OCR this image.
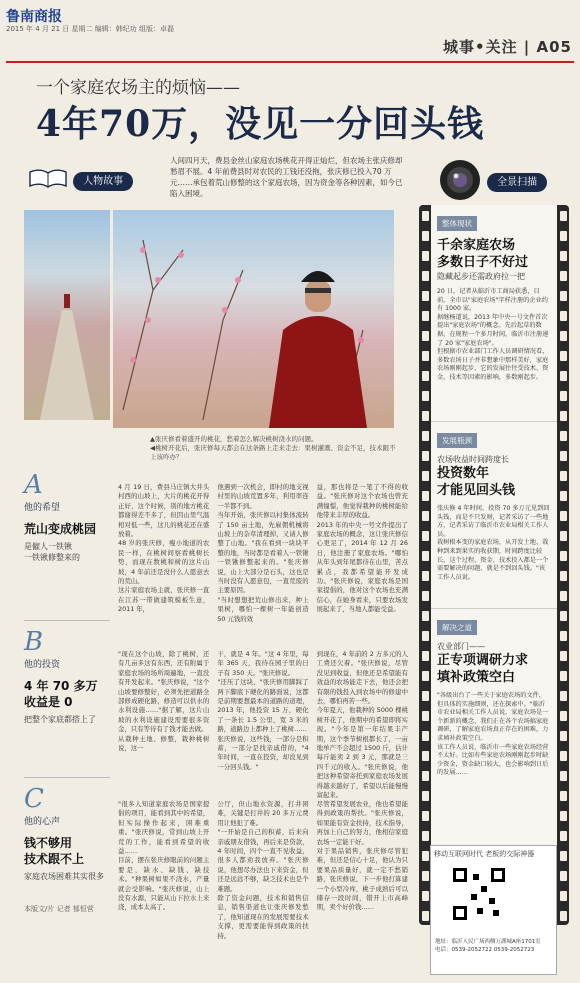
鲁南商报
2015 年 4 月 21 日 星期二 编辑：韩纪功 组版：卓磊
城事•关注 | A05
一个家庭农场主的烦恼——
4年70万，没见一分回头钱
人物故事
人间四月天，费县金丝山家庭农场桃花开得正灿烂，但农场主张庆修却愁眉不展。4 年前费县时对农民的工钱还没拖，张庆修已投入70 万元……承包着荒山修整的这个家庭农场，因为资金等各种因素，如今已陷入困境。
全景扫描
▲张庆修看着盛开的桃花，愁着怎么解决桃树浇水的问题。
◀桃树开花后，张庆修每天都会在这条路上走来走去：果树灌溉、资金不足，技术跟不上该咋办？
A
他的希望
荒山变成桃园
是僱人一铁锹
一铁锹修整来的
B
他的投资
4 年 70 多万
收益是 0
把整个家底都搭上了
C
他的心声
钱不够用
技术跟不上
家庭农场困难其实很多
本版文/片 记者 郁恒营
4 月 19 日，费县马庄镇大井头村西的山坡上，大片的桃花开得正好，这个时候，别的地方桃花都谢得差不多了，但因山里气温相对低一些，这儿的桃花还在盛放着。
48 岁的张庆修，瘦小地道的农民一样，在桃树间察看桃树长势，而现在数桃和树的这片山坡，4 年前还是没什么人愿意去的荒山。
这片家庭农场主就，张庆修一直在江苏一带做建筑模板生意，2011 年，
他遇到一次机会，即村的地支视村里的山坡荒置多年，利用率连一半都不到。
当年开始，张庆修以村集体流转了 150 亩土地，先雇佣机械将山坡上的杂草清理掉，又请人修整了山地。"我在看到一块块平整的地，当时都是看着人一铁锹一铁锹修整起来的。"张庆修说，山上大部分是石头，这也是当时没有人愿意包，一直荒废的主要原因。
"当时想想把荒山修出来，种上果树，哪怕一棵树一年能创造 50 元钱的效
益，那也将是一笔了不得的收益。"张庆修对这个农场也曾充满憧憬，他觉得栽种的桃树能给他带来丰厚的收益。
2013 年的中央一号文件提出了家庭农场的概念，这让张庆修信心更足了，2014 年 12 月 26 日，他注册了家庭农场。"哪怕从年头到年尾都待在山里，苦点累点，我都希望能开发成功。"张庆修说，家庭农场是国家提倡的，他对这个农场也充满信心，在她身看来，只要农场发展起来了，当地人都能受益。
"现在这个山坡，除了桃树，还有几亩多这有东西，还有附属于家庭农场的场所周遍地，一直没有开发起来。"张庆修说，"这个山坡要修整好，必须先把道路全部修成硬化路，修造可以供水的水利设施……"据了解，这片山坡的水利设施建设需要很多资金，只有等待有了钱才能去做。
从栽种土地、修整，栽种桃树说，这一
干，就是 4 年。"这 4 年里，每年 365 天，我待在园子里的日子有 350 天。"张庆修说。
"还压了这块，"张庆修用脚踩了两下脚底下硬化的路面说，这都是前期要想最本的道路的道理，2013 年，他投资 15 万，硬化了一条长 1.5 公里，宽 3 米的路，道路边上都种上了桃树……
张庆修说，这些钱，一部分是积蓄，一部分是找亲戚借的，"4 年时间，一直在投资，却没见到一分回头钱。"
到现在，4 年前的 2 万多元的人工费还欠着。"张庆修说，尽管没见到收益，但他还是希望能有效益的农场能走下去，他还会把有限的钱投入到农场中的修建中去，哪怕再苦一些。
今年夏天，他栽种的 5000 棵桃树开花了，他期中的希望即将实现。"今年是第一年结果丰产期，这个季节树根都长了，一亩地单产不会超过 1500 斤，估计每斤能卖 2 到 3 元，那就是三四千元的收入。"张庆修说，他把这种希望寄托到家庭农场发展得越来越好了，希望以后能慢慢富起来。
"很多人知道家庭农场是国家提倡的项目，能看到其中的希望，但实际操作起来，困难重重。"张庆修说，常到山坡上开荒的工作，能看到希望的收益……
目前，摆在张庆修眼前的问题主要是，缺水、缺钱、缺技术。"种果树如果不浇水，产量就会受影响。"张庆修说，山上没有水源，只能从山下拉水上来浇，成本太高了。
公厅，但山地水资源，打井困难，关键是打井的 20 多万元费用让他犯了难。
"一开始是自己的积蓄，后来向亲戚朋友借钱，再后来是贷款，4 年时间，四个一直不见收益，很多人都劝我放弃。"张庆修说，他想尽办法也下来资金，但还是远远不够，缺乏技术也是个难题。
除了资金问题，技术和销售信息，销售渠道也让张庆修发愁了，他知道现在的发展需要技术支撑，更需要能得到政策的扶持。
尽管希望发展农业，他也希望能得到政策的帮扶。"张庆修说，如果能有资金扶持，技术指导，再加上自己的努力，他相信家庭农场一定能干好。
对于果品销售，张庆修尽管犯难，但还是信心十足，他认为只要果品质量好，就一定不愁销路，张庆修说，下一步他打算建一个小型冷库，桃子成熟后可以储存一段时间，错开上市高峰期，卖个好价钱……
整体现状
千余家庭农场
多数日子不好过
隐藏起步还需政府拉一把
20 日，记者从临沂市工商局获悉，目前，全市以"家庭农场"字样注册的企业约有 1000 家。
据继杨道说，2013 年中央一号文件首次提出"家庭农场"的概念。先后起草的数据，在规程一个多月时间，临沂市注册递了 20 家"家庭农场"。
但根据市农业部门工作人员调研情况看，多数农场日子并非想象中那样美好，家庭农场刚刚起步，它的发展往往受技术、资金、技术等因素的影响，多数刚起步。
发展瓶颈
农场收益时间跨度长
投资数年
才能见回头钱
张庆修 4 年时间，投资 70 多万元见到回头钱，而是不只发财，记者采访了一些地方，记者采访了临沂市农业局相关工作人员。
栽树根本变的家庭农场，从开发土地、栽种到来到果实的收获期，时间跨度比较长，这个过程，资金、技术投入都是一个需要解决的问题，就是不到回头钱。"该工作人员说。
解决之道
农业部门——
正专项调研力求
填补政策空白
"各级出台了一些关于家庭农场的文件，但具体的实施细则，还在探索中。"临沂市农业局相关工作人员说，家庭农场是一个新新的概念，我们正在各个农场搞家庭调研，了解家庭农场真正存在的困难，力求填补政策空白。
该工作人员说，临沂市一些家庭农场经营不太好。比如有些家庭农场刚刚起步时缺少资金，资金缺口较大，也会影响到日后的发展……
移动互联网时代 老板的交际神器
地址：临沂人民广场西侧万湖城A座1701室
电话：0539-2052722 0539-2052723
